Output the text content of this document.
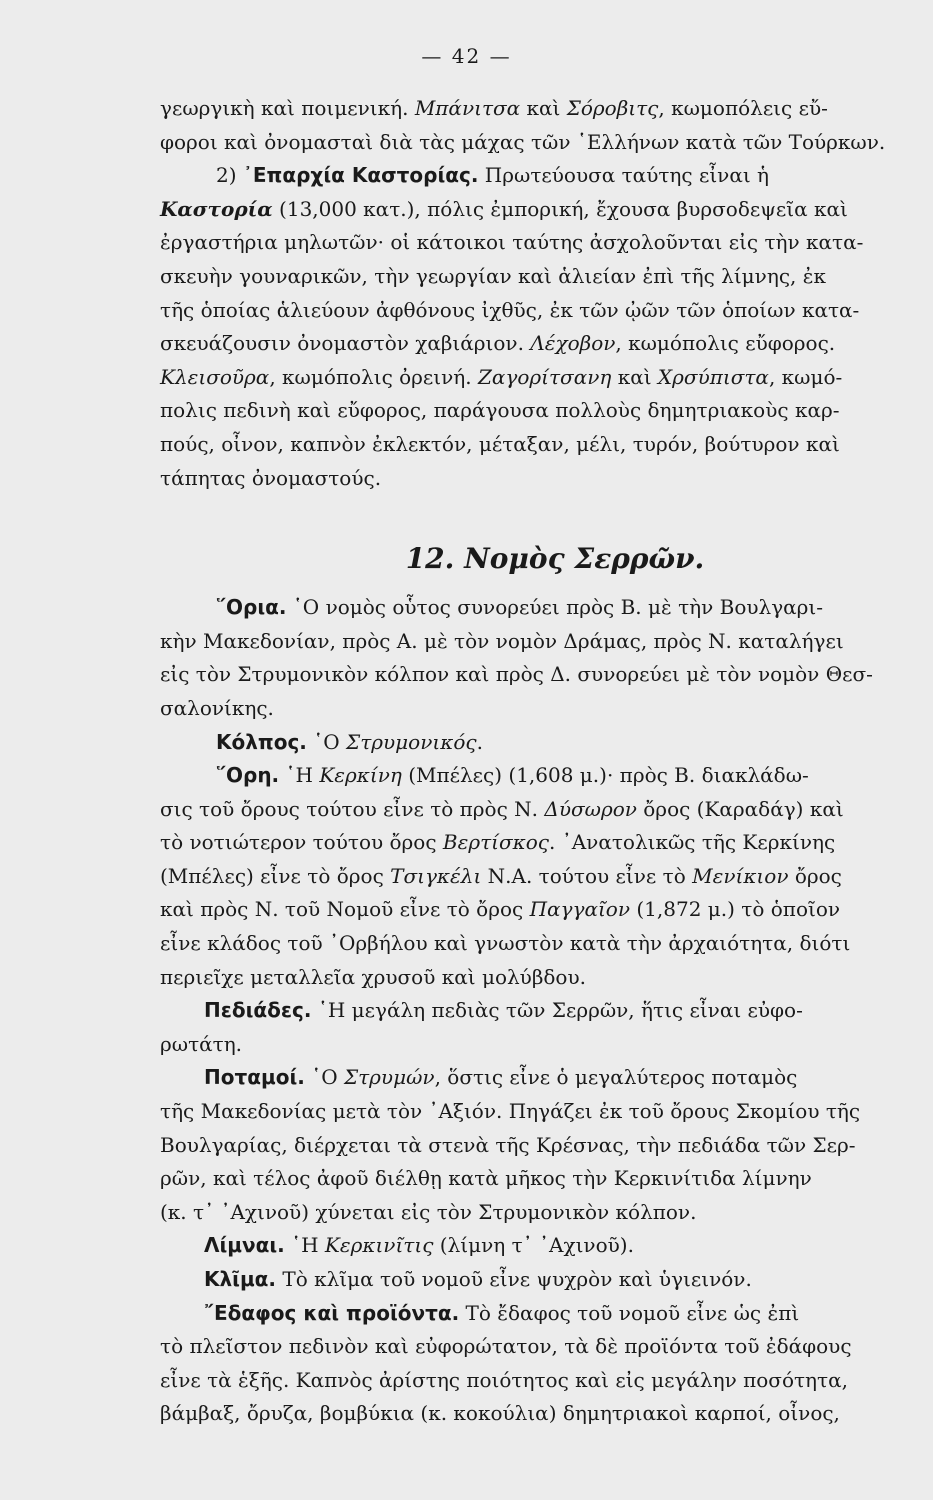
— 42 —
γεωργικὴ καὶ ποιμενική. Μπάνιτσα καὶ Σόροβιτς, κωμοπόλεις εὔ-
φοροι καὶ ὀνομασταὶ διὰ τὰς μάχας τῶν ῾Ελλήνων κατὰ τῶν Τούρκων.
2) ᾽Επαρχία Καστορίας. Πρωτεύουσα ταύτης εἶναι ἡ
Καστορία (13,000 κατ.), πόλις ἐμπορική, ἔχουσα βυρσοδεψεῖα καὶ
ἐργαστήρια μηλωτῶν· οἱ κάτοικοι ταύτης ἀσχολοῦνται εἰς τὴν κατα-
σκευὴν γουναρικῶν, τὴν γεωργίαν καὶ ἁλιείαν ἐπὶ τῆς λίμνης, ἐκ
τῆς ὁποίας ἁλιεύουν ἀφθόνους ἰχθῦς, ἐκ τῶν ᾠῶν τῶν ὁποίων κατα-
σκευάζουσιν ὀνομαστὸν χαβιάριον. Λέχοβον, κωμόπολις εὔφορος.
Κλεισοῦρα, κωμόπολις ὀρεινή. Ζαγορίτσανη καὶ Χρσύπιστα, κωμό-
πολις πεδινὴ καὶ εὔφορος, παράγουσα πολλοὺς δημητριακοὺς καρ-
πούς, οἶνον, καπνὸν ἐκλεκτόν, μέταξαν, μέλι, τυρόν, βούτυρον καὶ
τάπητας ὀνομαστούς.
12. Νομὸς Σερρῶν.
῞Ορια. ῾Ο νομὸς οὗτος συνορεύει πρὸς Β. μὲ τὴν Βουλγαρι-
κὴν Μακεδονίαν, πρὸς Α. μὲ τὸν νομὸν Δράμας, πρὸς Ν. καταλήγει
εἰς τὸν Στρυμονικὸν κόλπον καὶ πρὸς Δ. συνορεύει μὲ τὸν νομὸν Θεσ-
σαλονίκης.
Κόλπος. ῾Ο Στρυμονικός.
῞Ορη. ῾Η Κερκίνη (Μπέλες) (1,608 μ.)· πρὸς Β. διακλάδω-
σις τοῦ ὄρους τούτου εἶνε τὸ πρὸς Ν. Δύσωρον ὄρος (Καραδάγ) καὶ
τὸ νοτιώτερον τούτου ὄρος Βερτίσκος. ᾽Ανατολικῶς τῆς Κερκίνης
(Μπέλες) εἶνε τὸ ὄρος Τσιγκέλι Ν.Α. τούτου εἶνε τὸ Μενίκιον ὄρος
καὶ πρὸς Ν. τοῦ Νομοῦ εἶνε τὸ ὄρος Παγγαῖον (1,872 μ.) τὸ ὁποῖον
εἶνε κλάδος τοῦ ᾽Ορβήλου καὶ γνωστὸν κατὰ τὴν ἀρχαιότητα, διότι
περιεῖχε μεταλλεῖα χρυσοῦ καὶ μολύβδου.
Πεδιάδες. ῾Η μεγάλη πεδιὰς τῶν Σερρῶν, ἥτις εἶναι εὐφο-
ρωτάτη.
Ποταμοί. ῾Ο Στρυμών, ὅστις εἶνε ὁ μεγαλύτερος ποταμὸς
τῆς Μακεδονίας μετὰ τὸν ᾽Αξιόν. Πηγάζει ἐκ τοῦ ὄρους Σκομίου τῆς
Βουλγαρίας, διέρχεται τὰ στενὰ τῆς Κρέσνας, τὴν πεδιάδα τῶν Σερ-
ρῶν, καὶ τέλος ἀφοῦ διέλθῃ κατὰ μῆκος τὴν Κερκινίτιδα λίμνην
(κ. τ᾽ ᾽Αχινοῦ) χύνεται εἰς τὸν Στρυμονικὸν κόλπον.
Λίμναι. ῾Η Κερκινῖτις (λίμνη τ᾽ ᾽Αχινοῦ).
Κλῖμα. Τὸ κλῖμα τοῦ νομοῦ εἶνε ψυχρὸν καὶ ὑγιεινόν.
῎Εδαφος καὶ προϊόντα. Τὸ ἔδαφος τοῦ νομοῦ εἶνε ὡς ἐπὶ
τὸ πλεῖστον πεδινὸν καὶ εὐφορώτατον, τὰ δὲ προϊόντα τοῦ ἐδάφους
εἶνε τὰ ἑξῆς. Καπνὸς ἀρίστης ποιότητος καὶ εἰς μεγάλην ποσότητα,
βάμβαξ, ὄρυζα, βομβύκια (κ. κοκούλια) δημητριακοὶ καρποί, οἶνος,
